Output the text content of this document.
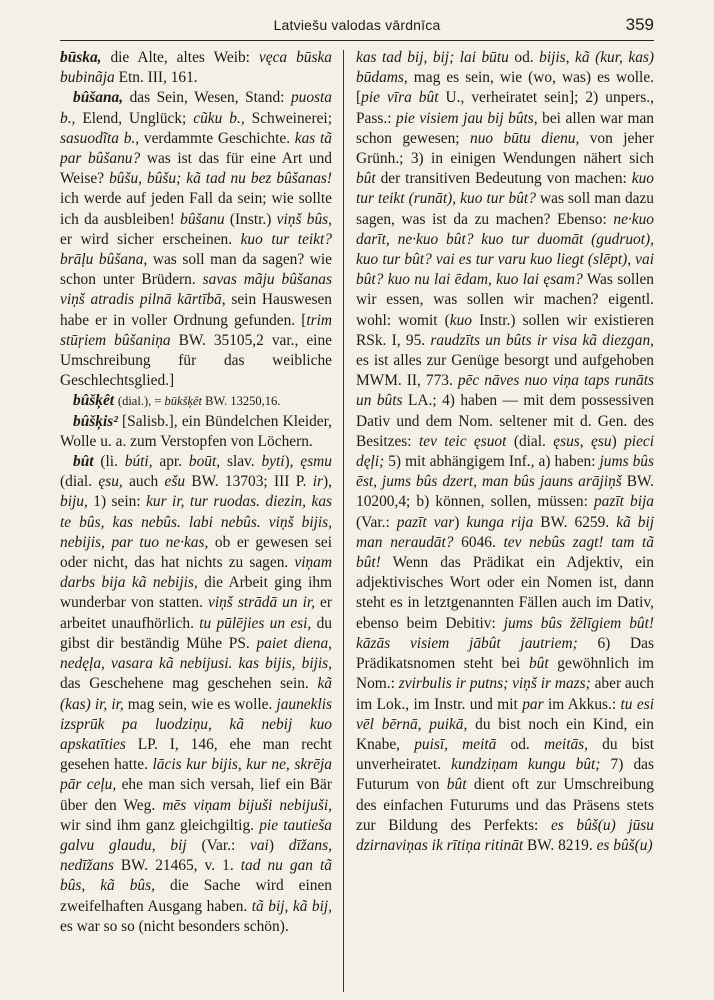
Latviešu valodas vārdnīca	359

būska, die Alte, altes Weib: vęca būska bubinãja Etn. III, 161.

bûšana, das Sein, Wesen, Stand: puosta b., Elend, Unglück; cũku b., Schweinerei; sasuodĩta b., verdammte Geschichte. kas tã par bûšanu? was ist das für eine Art und Weise? bûšu, bûšu; kã tad nu bez bûšanas! ich werde auf jeden Fall da sein; wie sollte ich da ausbleiben! bûšanu (Instr.) viņš bûs, er wird sicher erscheinen. kuo tur teikt? brāļu bûšana, was soll man da sagen? wie schon unter Brüdern. savas mãju bûšanas viņš atradis pilnā kārtībā, sein Hauswesen habe er in voller Ordnung gefunden. [trim stūŗiem bûšaniņa BW. 35105,2 var., eine Umschreibung für das weibliche Geschlechtsglied.]

bûšķêt (dial.), = būkšķêt BW. 13250,16.

bûšķis² [Salisb.], ein Bündelchen Kleider, Wolle u. a. zum Verstopfen von Löchern.

bût (li. búti, apr. boūt, slav. byti), ęsmu (dial. ęsu, auch ešu BW. 13703; III P. ir), biju, 1) sein: kur ir, tur ruodas. diezin, kas te bûs, kas nebûs. labi nebûs. viņš bijis, nebijis, par tuo ne·kas, ob er gewesen sei oder nicht, das hat nichts zu sagen. viņam darbs bija kã nebijis, die Arbeit ging ihm wunderbar von statten. viņš strādā un ir, er arbeitet unaufhörlich. tu pūlējies un esi, du gibst dir beständig Mühe PS. paiet diena, nedęļa, vasara kã nebijusi. kas bijis, bijis, das Geschehene mag geschehen sein. kã (kas) ir, ir, mag sein, wie es wolle. jauneklis izsprūk pa luodziņu, kã nebij kuo apskatīties LP. I, 146, ehe man recht gesehen hatte. lācis kur bijis, kur ne, skrēja pār ceļu, ehe man sich versah, lief ein Bär über den Weg. mēs viņam bijuši nebijuši, wir sind ihm ganz gleichgiltig. pie tautieša galvu glaudu, bij (Var.: vai) dīžans, nedīžans BW. 21465, v. 1. tad nu gan tã bûs, kã bûs, die Sache wird einen zweifelhaften Ausgang haben. tã bij, kã bij, es war so so (nicht besonders schön).

kas tad bij, bij; lai būtu od. bijis, kã (kur, kas) būdams, mag es sein, wie (wo, was) es wolle. [pie vīra bût U., verheiratet sein]; 2) unpers., Pass.: pie visiem jau bij bûts, bei allen war man schon gewesen; nuo būtu dienu, von jeher Grünh.; 3) in einigen Wendungen nähert sich bût der transitiven Bedeutung von machen: kuo tur teikt (runāt), kuo tur bût? was soll man dazu sagen, was ist da zu machen? Ebenso: ne·kuo darīt, ne·kuo bût? kuo tur duomāt (gudruot), kuo tur bût? vai es tur varu kuo liegt (slēpt), vai bût? kuo nu lai ēdam, kuo lai ęsam? Was sollen wir essen, was sollen wir machen? eigentl. wohl: womit (kuo Instr.) sollen wir existieren RSk. I, 95. raudzīts un bûts ir visa kã diezgan, es ist alles zur Genüge besorgt und aufgehoben MWM. II, 773. pēc nāves nuo viņa taps runāts un bûts LA.; 4) haben — mit dem possessiven Dativ und dem Nom. seltener mit d. Gen. des Besitzes: tev teic ęsuot (dial. ęsus, ęsu) pieci dęļi; 5) mit abhängigem Inf., a) haben: jums bûs ēst, jums bûs dzert, man bûs jauns arājiņš BW. 10200,4; b) können, sollen, müssen: pazīt bija (Var.: pazīt var) kunga rija BW. 6259. kã bij man neraudāt? 6046. tev nebûs zagt! tam tã bût! Wenn das Prädikat ein Adjektiv, ein adjektivisches Wort oder ein Nomen ist, dann steht es in letztgenannten Fällen auch im Dativ, ebenso beim Debitiv: jums bûs žēlīgiem bût! kāzās visiem jābût jautriem; 6) Das Prädikatsnomen steht bei bût gewöhnlich im Nom.: zvirbulis ir putns; viņš ir mazs; aber auch im Lok., im Instr. und mit par im Akkus.: tu esi vēl bērnā, puikā, du bist noch ein Kind, ein Knabe, puisī, meitā od. meitās, du bist unverheiratet. kundziņam kungu bût; 7) das Futurum von bût dient oft zur Umschreibung des einfachen Futurums und das Präsens stets zur Bildung des Perfekts: es bûš(u) jūsu dzirnaviņas ik rītiņa ritināt BW. 8219. es bûš(u)
